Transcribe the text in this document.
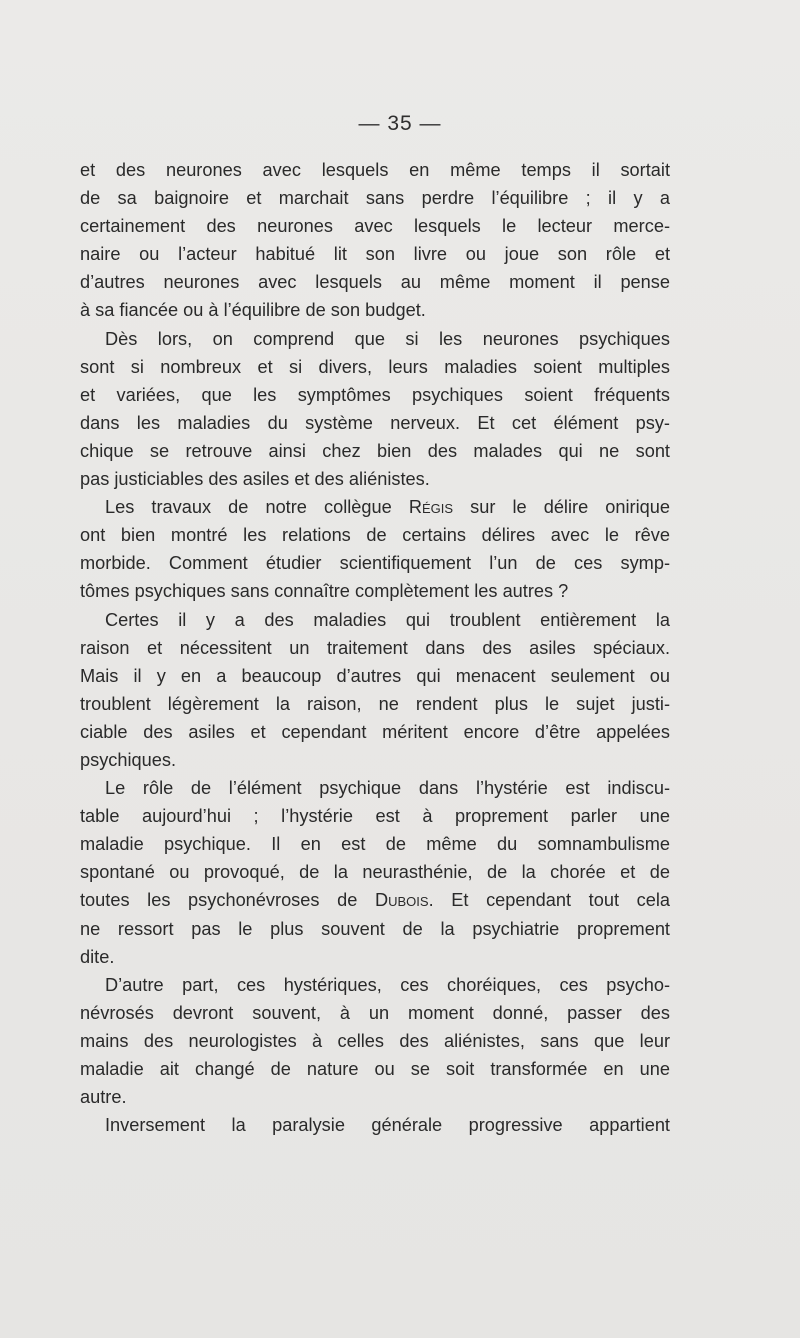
— 35 —
et des neurones avec lesquels en même temps il sortait
de sa baignoire et marchait sans perdre l’équilibre ; il y a
certainement des neurones avec lesquels le lecteur merce-
naire ou l’acteur habitué lit son livre ou joue son rôle et
d’autres neurones avec lesquels au même moment il pense
à sa fiancée ou à l’équilibre de son budget.
Dès lors, on comprend que si les neurones psychiques
sont si nombreux et si divers, leurs maladies soient multiples
et variées, que les symptômes psychiques soient fréquents
dans les maladies du système nerveux. Et cet élément psy-
chique se retrouve ainsi chez bien des malades qui ne sont
pas justiciables des asiles et des aliénistes.
Les travaux de notre collègue Régis sur le délire onirique
ont bien montré les relations de certains délires avec le rêve
morbide. Comment étudier scientifiquement l’un de ces symp-
tômes psychiques sans connaître complètement les autres ?
Certes il y a des maladies qui troublent entièrement la
raison et nécessitent un traitement dans des asiles spéciaux.
Mais il y en a beaucoup d’autres qui menacent seulement ou
troublent légèrement la raison, ne rendent plus le sujet justi-
ciable des asiles et cependant méritent encore d’être appelées
psychiques.
Le rôle de l’élément psychique dans l’hystérie est indiscu-
table aujourd’hui ; l’hystérie est à proprement parler une
maladie psychique. Il en est de même du somnambulisme
spontané ou provoqué, de la neurasthénie, de la chorée et de
toutes les psychonévroses de Dubois. Et cependant tout cela
ne ressort pas le plus souvent de la psychiatrie proprement
dite.
D’autre part, ces hystériques, ces choréiques, ces psycho-
névrosés devront souvent, à un moment donné, passer des
mains des neurologistes à celles des aliénistes, sans que leur
maladie ait changé de nature ou se soit transformée en une
autre.
Inversement la paralysie générale progressive appartient
